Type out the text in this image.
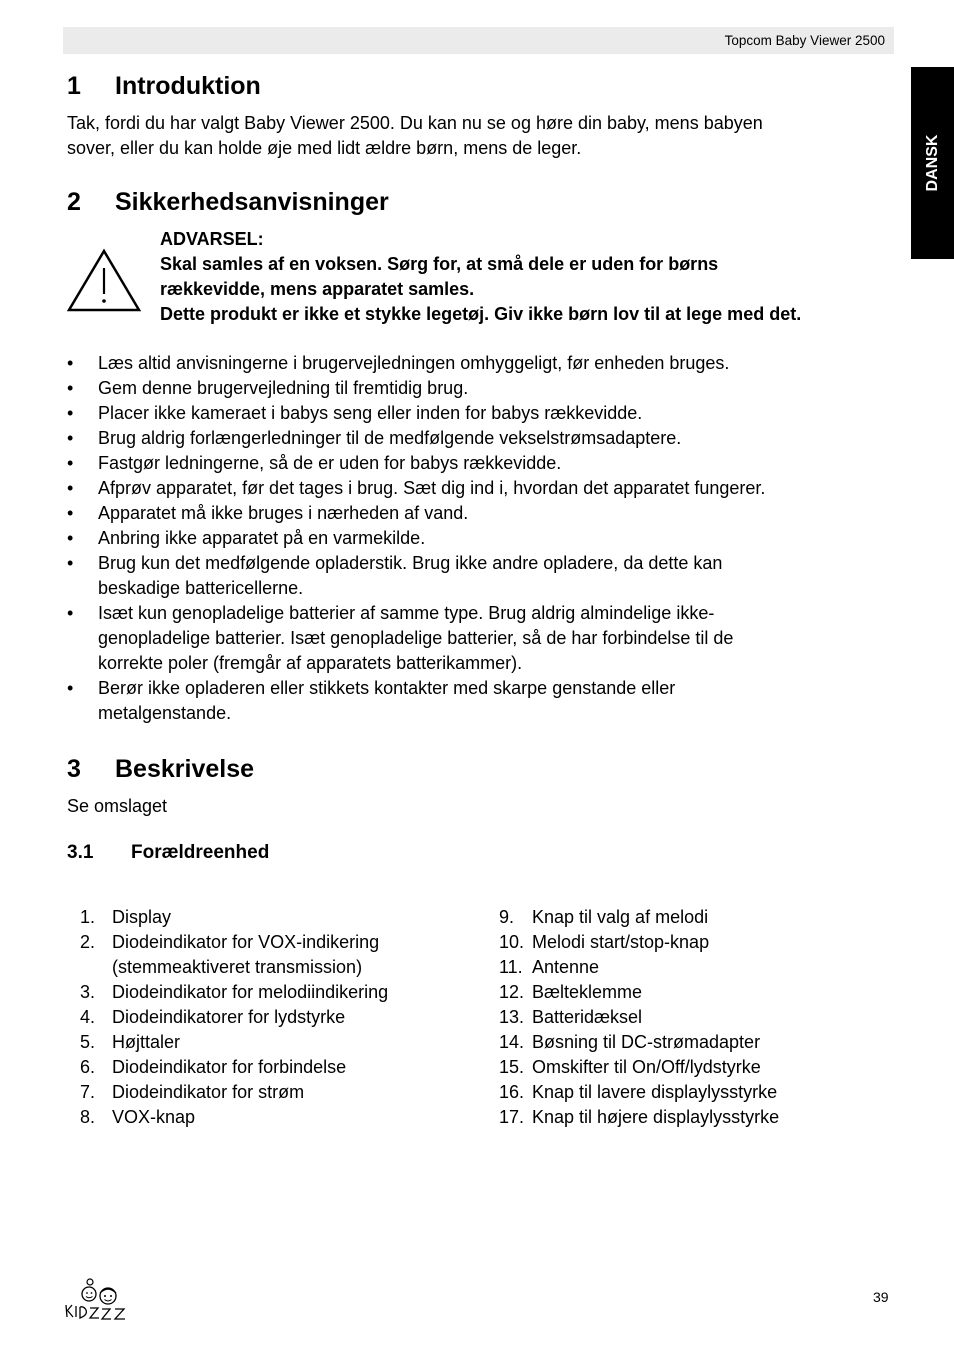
Topcom Baby Viewer 2500
DANSK
1 Introduktion
Tak, fordi du har valgt Baby Viewer 2500. Du kan nu se og høre din baby, mens babyen
sover, eller du kan holde øje med lidt ældre børn, mens de leger.
2 Sikkerhedsanvisninger
ADVARSEL:
Skal samles af en voksen. Sørg for, at små dele er uden for børns
rækkevidde, mens apparatet samles.
Dette produkt er ikke et stykke legetøj. Giv ikke børn lov til at lege med det.
• Læs altid anvisningerne i brugervejledningen omhyggeligt, før enheden bruges.
• Gem denne brugervejledning til fremtidig brug.
• Placer ikke kameraet i babys seng eller inden for babys rækkevidde.
• Brug aldrig forlængerledninger til de medfølgende vekselstrømsadaptere.
• Fastgør ledningerne, så de er uden for babys rækkevidde.
• Afprøv apparatet, før det tages i brug. Sæt dig ind i, hvordan det apparatet fungerer.
• Apparatet må ikke bruges i nærheden af vand.
• Anbring ikke apparatet på en varmekilde.
• Brug kun det medfølgende opladerstik. Brug ikke andre opladere, da dette kan
beskadige battericellerne.
• Isæt kun genopladelige batterier af samme type. Brug aldrig almindelige ikke-
genopladelige batterier. Isæt genopladelige batterier, så de har forbindelse til de
korrekte poler (fremgår af apparatets batterikammer).
• Berør ikke opladeren eller stikkets kontakter med skarpe genstande eller
metalgenstande.
3 Beskrivelse
Se omslaget
3.1 Forældreenhed
1. Display
2. Diodeindikator for VOX-indikering
(stemmeaktiveret transmission)
3. Diodeindikator for melodiindikering
4. Diodeindikatorer for lydstyrke
5. Højttaler
6. Diodeindikator for forbindelse
7. Diodeindikator for strøm
8. VOX-knap
9. Knap til valg af melodi
10. Melodi start/stop-knap
11. Antenne
12. Bælteklemme
13. Batteridæksel
14. Bøsning til DC-strømadapter
15. Omskifter til On/Off/lydstyrke
16. Knap til lavere displaylysstyrke
17. Knap til højere displaylysstyrke
39
